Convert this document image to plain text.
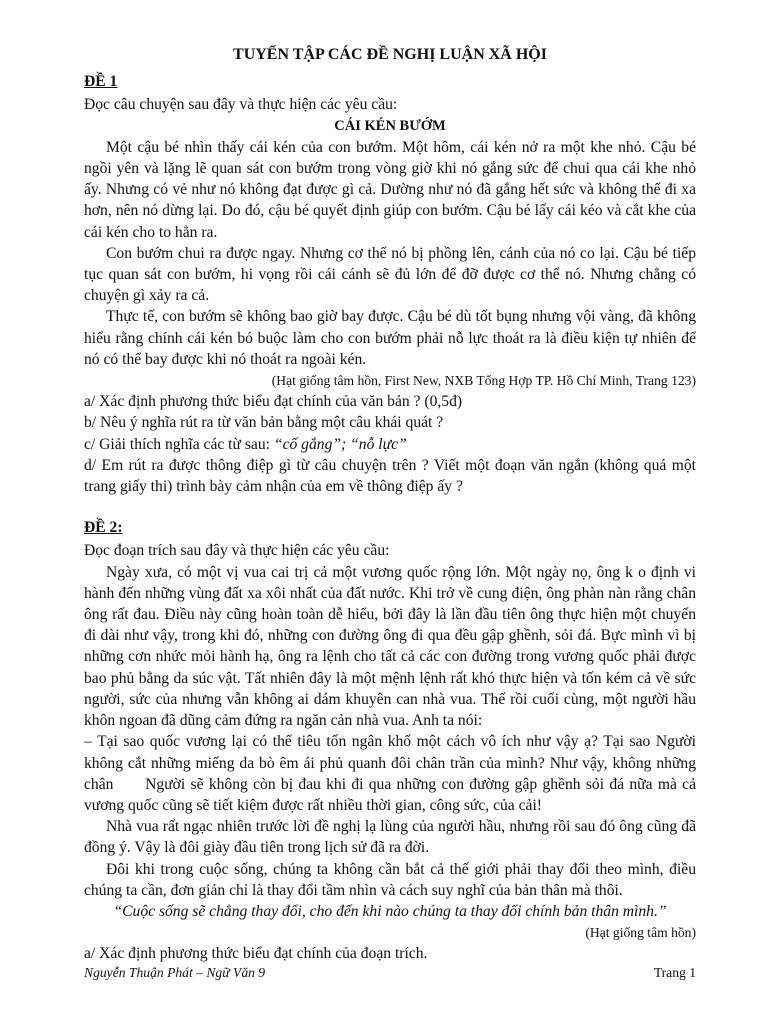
TUYỂN TẬP CÁC ĐỀ NGHỊ LUẬN XÃ HỘI
ĐỀ 1

Đọc câu chuyện sau đây và thực hiện các yêu cầu:

CÁI KÉN BƯỚM

Một cậu bé nhìn thấy cái kén của con bướm. Một hôm, cái kén nở ra một khe nhỏ. Cậu bé ngồi yên và lặng lẽ quan sát con bướm trong vòng giờ khi nó gắng sức để chui qua cái khe nhỏ ấy. Nhưng có vẻ như nó không đạt được gì cả. Dường như nó đã gắng hết sức và không thể đi xa hơn, nên nó dừng lại. Do đó, cậu bé quyết định giúp con bướm. Cậu bé lấy cái kéo và cắt khe của cái kén cho to hẳn ra.

Con bướm chui ra được ngay. Nhưng cơ thể nó bị phồng lên, cánh của nó co lại. Cậu bé tiếp tục quan sát con bướm, hi vọng rồi cái cánh sẽ đủ lớn để đỡ được cơ thể nó. Nhưng chẳng có chuyện gì xảy ra cả.

Thực tế, con bướm sẽ không bao giờ bay được. Cậu bé dù tốt bụng nhưng vội vàng, đã không hiểu rằng chính cái kén bó buộc làm cho con bướm phải nỗ lực thoát ra là điều kiện tự nhiên để nó có thể bay được khi nó thoát ra ngoài kén.

(Hạt giống tâm hồn, First New, NXB Tổng Hợp TP. Hồ Chí Minh, Trang 123)

a/ Xác định phương thức biểu đạt chính của văn bản ? (0,5đ)

b/ Nêu ý nghĩa rút ra từ văn bản bằng một câu khái quát ?

c/ Giải thích nghĩa các từ sau: “cố gắng”; “nỗ lực”

d/ Em rút ra được thông điệp gì từ câu chuyện trên ? Viết một đoạn văn ngắn (không quá một trang giấy thi) trình bày cảm nhận của em về thông điệp ấy ?

ĐỀ 2:

Đọc đoạn trích sau đây và thực hiện các yêu cầu:

Ngày xưa, có một vị vua cai trị cả một vương quốc rộng lớn. Một ngày nọ, ông k o định vi hành đến những vùng đất xa xôi nhất của đất nước. Khi trở về cung điện, ông phàn nàn rằng chân ông rất đau. Điều này cũng hoàn toàn dễ hiểu, bởi đây là lần đầu tiên ông thực hiện một chuyến đi dài như vậy, trong khi đó, những con đường ông đi qua đều gập ghềnh, sỏi đá. Bực mình vì bị những cơn nhức mỏi hành hạ, ông ra lệnh cho tất cả các con đường trong vương quốc phải được bao phủ bằng da súc vật. Tất nhiên đây là một mệnh lệnh rất khó thực hiện và tốn kém cả về sức người, sức của nhưng vẫn không ai dám khuyên can nhà vua. Thế rồi cuối cùng, một người hầu khôn ngoan đã dũng cảm đứng ra ngăn cản nhà vua. Anh ta nói:

– Tại sao quốc vương lại có thể tiêu tốn ngân khố một cách vô ích như vậy ạ? Tại sao Người không cắt những miếng da bò êm ái phủ quanh đôi chân trần của mình? Như vậy, không những chân      Người sẽ không còn bị đau khi đi qua những con đường gập ghềnh sỏi đá nữa mà cả vương quốc cũng sẽ tiết kiệm được rất nhiều thời gian, công sức, của cải!

Nhà vua rất ngạc nhiên trước lời đề nghị lạ lùng của người hầu, nhưng rồi sau đó ông cũng đã đồng ý. Vậy là đôi giày đầu tiên trong lịch sử đã ra đời.

Đôi khi trong cuộc sống, chúng ta không cần bắt cả thế giới phải thay đổi theo mình, điều chúng ta cần, đơn giản chỉ là thay đổi tầm nhìn và cách suy nghĩ của bản thân mà thôi.

“Cuộc sống sẽ chẳng thay đổi, cho đến khi nào chúng ta thay đổi chính bản thân mình.”
(Hạt giống tâm hồn)

a/ Xác định phương thức biểu đạt chính của đoạn trích.

Nguyễn Thuận Phát – Ngữ Văn 9	Trang 1
